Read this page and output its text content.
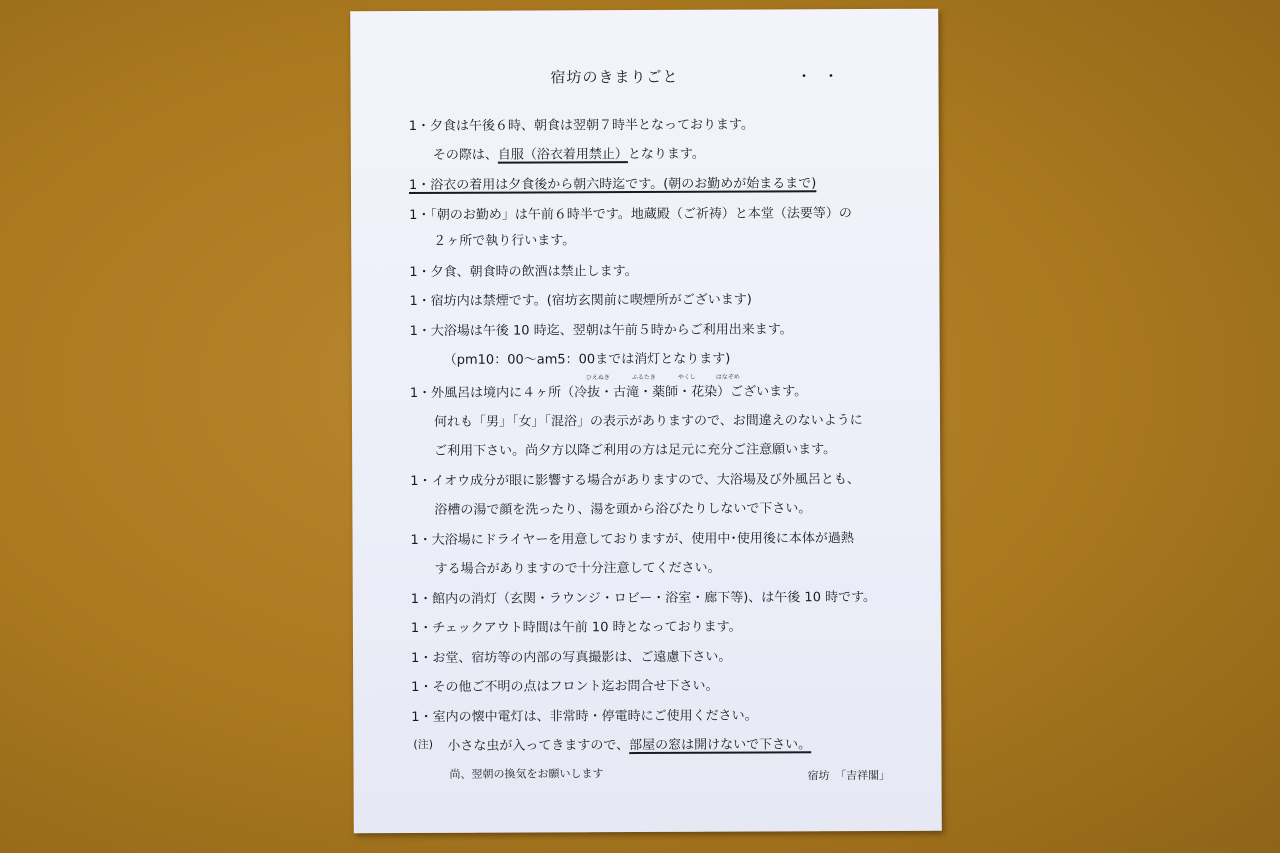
宿坊のきまりごと	・・
1・夕食は午後６時、朝食は翌朝７時半となっております。
その際は、自服（浴衣着用禁止）となります。
1・浴衣の着用は夕食後から朝六時迄です。(朝のお勤めが始まるまで)
1・「朝のお勤め」は午前６時半です。地蔵殿（ご祈祷）と本堂（法要等）の
２ヶ所で執り行います。
1・夕食、朝食時の飲酒は禁止します。
1・宿坊内は禁煙です。(宿坊玄関前に喫煙所がございます)
1・大浴場は午後 10 時迄、翌朝は午前５時からご利用出来ます。
（pm10：00～am5：00までは消灯となります)
ひえぬき	ふるたき	やくし	はなぞめ
1・外風呂は境内に４ヶ所（冷抜・古滝・薬師・花染）ございます。
何れも「男」「女」「混浴」の表示がありますので、お間違えのないように
ご利用下さい。尚夕方以降ご利用の方は足元に充分ご注意願います。
1・イオウ成分が眼に影響する場合がありますので、大浴場及び外風呂とも、
浴槽の湯で顔を洗ったり、湯を頭から浴びたりしないで下さい。
1・大浴場にドライヤーを用意しておりますが、使用中･使用後に本体が過熱
する場合がありますので十分注意してください。
1・館内の消灯（玄関・ラウンジ・ロビー・浴室・廊下等)、は午後 10 時です。
1・チェックアウト時間は午前 10 時となっております。
1・お堂、宿坊等の内部の写真撮影は、ご遠慮下さい。
1・その他ご不明の点はフロント迄お問合せ下さい。
1・室内の懐中電灯は、非常時・停電時にご使用ください。
(注) 小さな虫が入ってきますので、部屋の窓は開けないで下さい。
尚、翌朝の換気をお願いします	宿坊　「吉祥閣」
